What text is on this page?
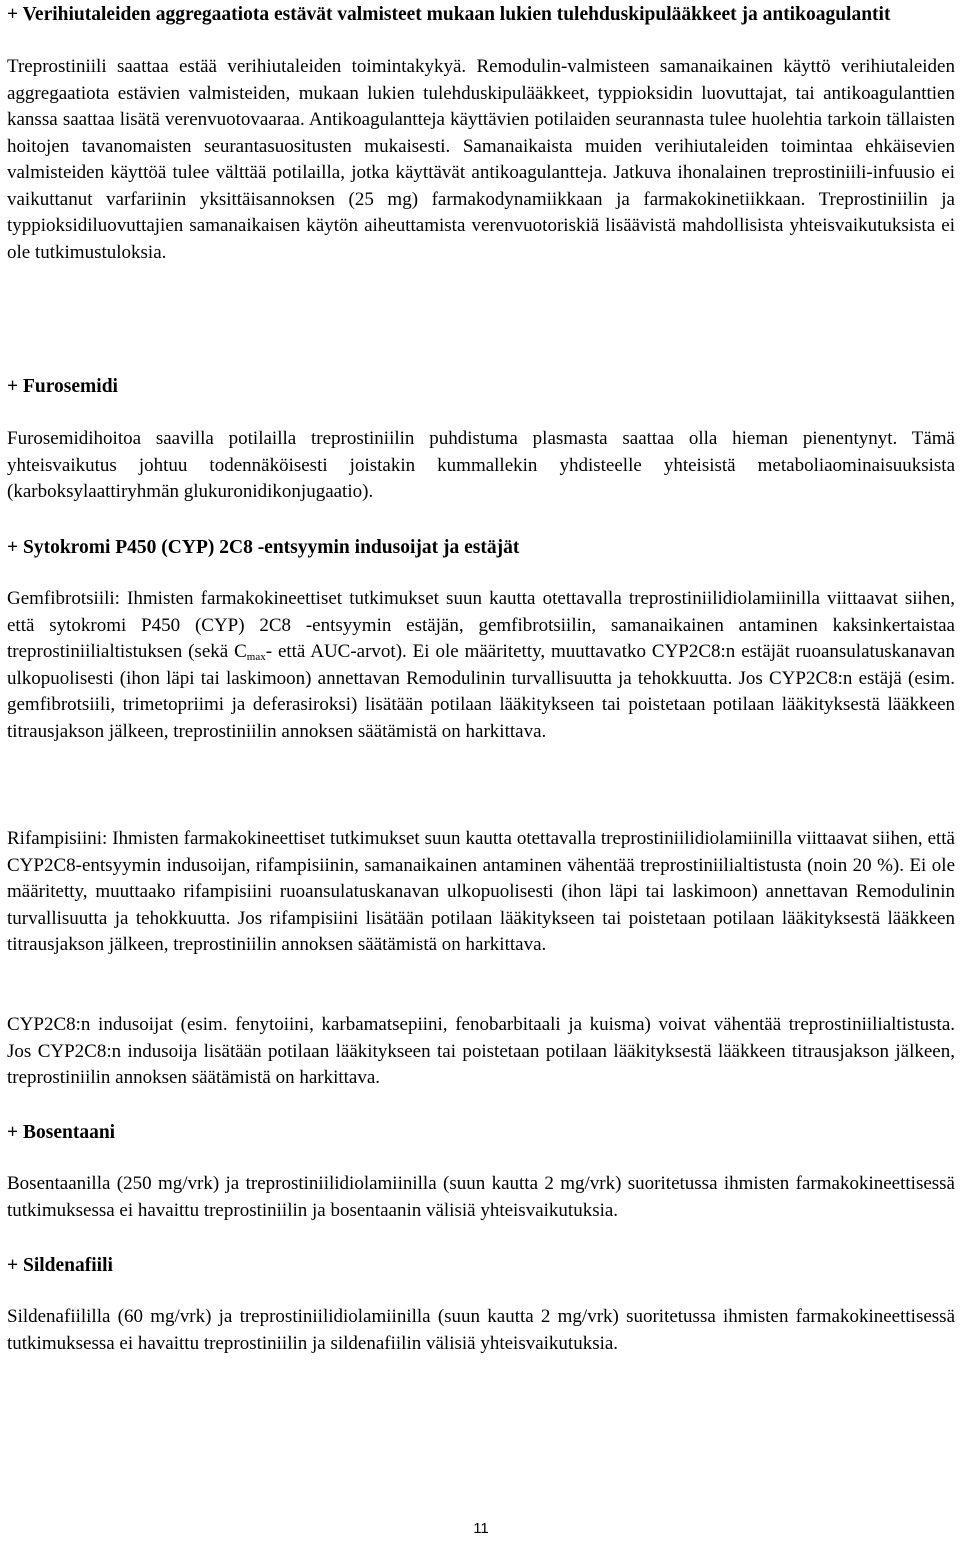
+ Verihiutaleiden aggregaatiota estävät valmisteet mukaan lukien tulehduskipulääkkeet ja antikoagulantit

Treprostiniili saattaa estää verihiutaleiden toimintakykyä. Remodulin-valmisteen samanaikainen käyttö verihiutaleiden aggregaatiota estävien valmisteiden, mukaan lukien tulehduskipulääkkeet, typpioksidin luovuttajat, tai antikoagulanttien kanssa saattaa lisätä verenvuotovaaraa. Antikoagulantteja käyttävien potilaiden seurannasta tulee huolehtia tarkoin tällaisten hoitojen tavanomaisten seurantasuositusten mukaisesti. Samanaikaista muiden verihiutaleiden toimintaa ehkäisevien valmisteiden käyttöä tulee välttää potilailla, jotka käyttävät antikoagulantteja. Jatkuva ihonalainen treprostiniili-infuusio ei vaikuttanut varfariinin yksittäisannoksen (25 mg) farmakodynamiikkaan ja farmakokinetiikkaan. Treprostiniilin ja typpioksidiluovuttajien samanaikaisen käytön aiheuttamista verenvuotoriskiä lisäävistä mahdollisista yhteisvaikutuksista ei ole tutkimustuloksia.

+ Furosemidi

Furosemidihoitoa saavilla potilailla treprostiniilin puhdistuma plasmasta saattaa olla hieman pienentynyt. Tämä yhteisvaikutus johtuu todennäköisesti joistakin kummallekin yhdisteelle yhteisistä metaboliaominaisuuksista (karboksylaattiryhmän glukuronidikonjugaatio).

+ Sytokromi P450 (CYP) 2C8 -entsyymin indusoijat ja estäjät

Gemfibrotsiili: Ihmisten farmakokineettiset tutkimukset suun kautta otettavalla treprostiniilidiolamiinilla viittaavat siihen, että sytokromi P450 (CYP) 2C8 -entsyymin estäjän, gemfibrotsiilin, samanaikainen antaminen kaksinkertaistaa treprostiniilialtistuksen (sekä $C_{max}-$ että AUC-arvot). Ei ole määritetty, muuttavatko CYP2C8:n estäjät ruoansulatuskanavan ulkopuolisesti (ihon läpi tai laskimoon) annettavan Remodulinin turvallisuutta ja tehokkuutta. Jos CYP2C8:n estäjä (esim. gemfibrotsiili, trimetopriimi ja deferasiroksi) lisätään potilaan lääkitykseen tai poistetaan potilaan lääkityksestä lääkkeen titrausjakson jälkeen, treprostiniilin annoksen säätämistä on harkittava.

Rifampisiini: Ihmisten farmakokineettiset tutkimukset suun kautta otettavalla treprostiniilidiolamiinilla viittaavat siihen, että CYP2C8-entsyymin indusoijan, rifampisiinin, samanaikainen antaminen vähentää treprostiniilialtistusta (noin 20 %). Ei ole määritetty, muuttaako rifampisiini ruoansulatuskanavan ulkopuolisesti (ihon läpi tai laskimoon) annettavan Remodulinin turvallisuutta ja tehokkuutta. Jos rifampisiini lisätään potilaan lääkitykseen tai poistetaan potilaan lääkityksestä lääkkeen titrausjakson jälkeen, treprostiniilin annoksen säätämistä on harkittava.

CYP2C8:n indusoijat (esim. fenytoiini, karbamatsepiini, fenobarbitaali ja kuisma) voivat vähentää treprostiniilialtistusta. Jos CYP2C8:n indusoija lisätään potilaan lääkitykseen tai poistetaan potilaan lääkityksestä lääkkeen titrausjakson jälkeen, treprostiniilin annoksen säätämistä on harkittava.

+ Bosentaani

Bosentaanilla (250 mg/vrk) ja treprostiniilidiolamiinilla (suun kautta 2 mg/vrk) suoritetussa ihmisten farmakokineettisessä tutkimuksessa ei havaittu treprostiniilin ja bosentaanin välisiä yhteisvaikutuksia.

+ Sildenafiili

Sildenafiililla (60 mg/vrk) ja treprostiniilidiolamiinilla (suun kautta 2 mg/vrk) suoritetussa ihmisten farmakokineettisessä tutkimuksessa ei havaittu treprostiniilin ja sildenafiilin välisiä yhteisvaikutuksia.

11
